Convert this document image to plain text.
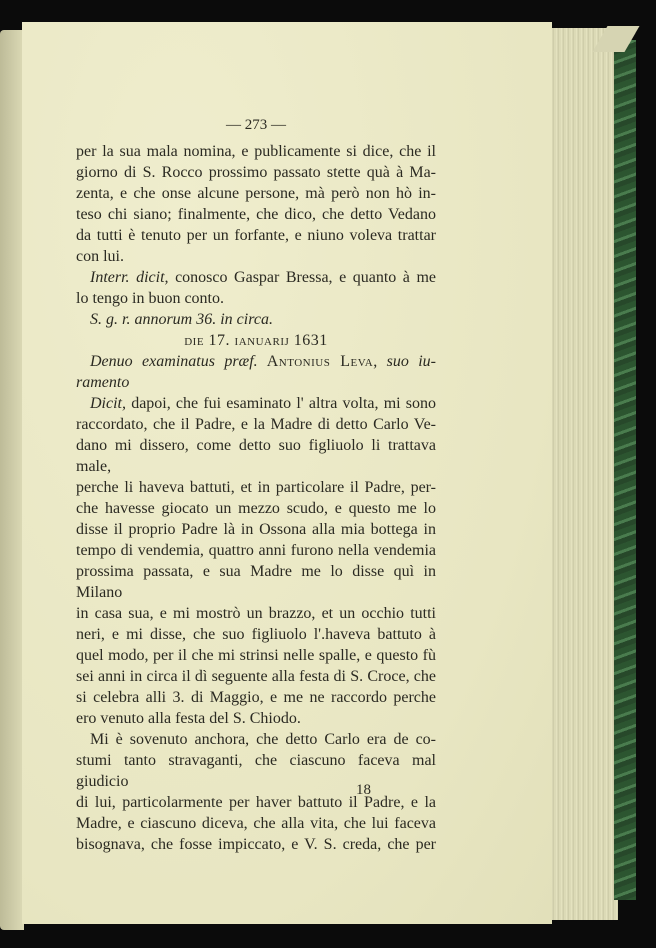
— 273 —
per la sua mala nomina, e publicamente si dice, che il
giorno di S. Rocco prossimo passato stette quà à Ma-
zenta, e che onse alcune persone, mà però non hò in-
teso chi siano; finalmente, che dico, che detto Vedano
da tutti è tenuto per un forfante, e niuno voleva trattar
con lui.
Interr. dicit, conosco Gaspar Bressa, e quanto à me
lo tengo in buon conto.
S. g. r. annorum 36. in circa.
die 17. ianuarij 1631
Denuo examinatus præf. Antonius Leva, suo iu-
ramento
Dicit, dapoi, che fui esaminato l' altra volta, mi sono
raccordato, che il Padre, e la Madre di detto Carlo Ve-
dano mi dissero, come detto suo figliuolo li trattava male,
perche li haveva battuti, et in particolare il Padre, per-
che havesse giocato un mezzo scudo, e questo me lo
disse il proprio Padre là in Ossona alla mia bottega in
tempo di vendemia, quattro anni furono nella vendemia
prossima passata, e sua Madre me lo disse quì in Milano
in casa sua, e mi mostrò un brazzo, et un occhio tutti
neri, e mi disse, che suo figliuolo l'.haveva battuto à
quel modo, per il che mi strinsi nelle spalle, e questo fù
sei anni in circa il dì seguente alla festa di S. Croce, che
si celebra alli 3. di Maggio, e me ne raccordo perche
ero venuto alla festa del S. Chiodo.
Mi è sovenuto anchora, che detto Carlo era de co-
stumi tanto stravaganti, che ciascuno faceva mal giudicio
di lui, particolarmente per haver battuto il Padre, e la
Madre, e ciascuno diceva, che alla vita, che lui faceva
bisognava, che fosse impiccato, e V. S. creda, che per
18
